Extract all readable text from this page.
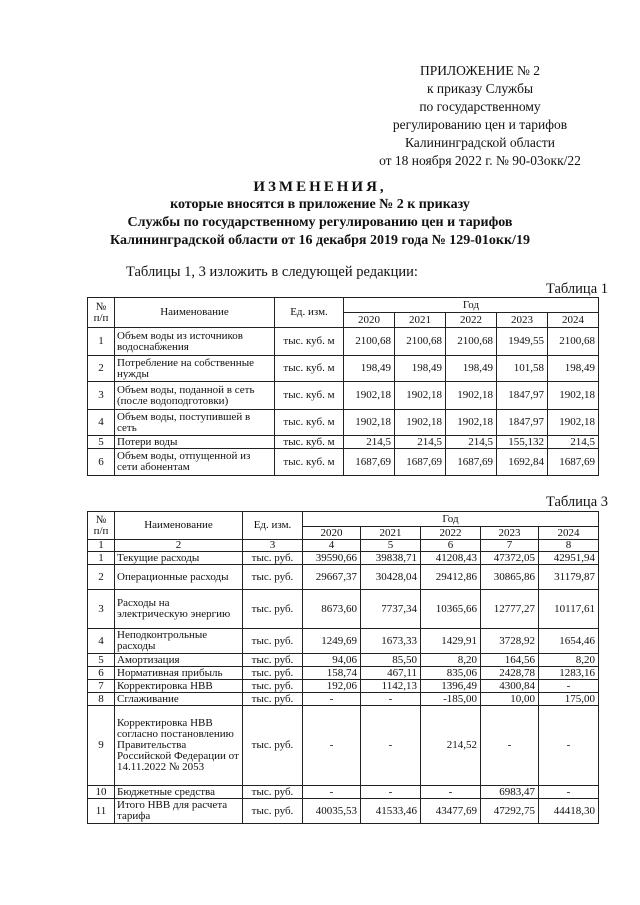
ПРИЛОЖЕНИЕ № 2
к приказу Службы
по государственному
регулированию цен и тарифов
Калининградской области
от 18 ноября 2022 г. № 90-03окк/22
ИЗМЕНЕНИЯ,
которые вносятся в приложение № 2 к приказу
Службы по государственному регулированию цен и тарифов
Калининградской области от 16 декабря 2019 года № 129-01окк/19
Таблицы 1, 3 изложить в следующей редакции:
Таблица 1
№ п/п	Наименование	Ед. изм.	Год				
			2020	2021	2022	2023	2024
1	Объем воды из источников водоснабжения	тыс. куб. м	2100,68	2100,68	2100,68	1949,55	2100,68
2	Потребление на собственные нужды	тыс. куб. м	198,49	198,49	198,49	101,58	198,49
3	Объем воды, поданной в сеть (после водоподготовки)	тыс. куб. м	1902,18	1902,18	1902,18	1847,97	1902,18
4	Объем воды, поступившей в сеть	тыс. куб. м	1902,18	1902,18	1902,18	1847,97	1902,18
5	Потери воды	тыс. куб. м	214,5	214,5	214,5	155,132	214,5
6	Объем воды, отпущенной из сети абонентам	тыс. куб. м	1687,69	1687,69	1687,69	1692,84	1687,69
Таблица 3
№ п/п	Наименование	Ед. изм.	Год				
			2020	2021	2022	2023	2024
1	2	3	4	5	6	7	8
1	Текущие расходы	тыс. руб.	39590,66	39838,71	41208,43	47372,05	42951,94
2	Операционные расходы	тыс. руб.	29667,37	30428,04	29412,86	30865,86	31179,87
3	Расходы на электрическую энергию	тыс. руб.	8673,60	7737,34	10365,66	12777,27	10117,61
4	Неподконтрольные расходы	тыс. руб.	1249,69	1673,33	1429,91	3728,92	1654,46
5	Амортизация	тыс. руб.	94,06	85,50	8,20	164,56	8,20
6	Нормативная прибыль	тыс. руб.	158,74	467,11	835,06	2428,78	1283,16
7	Корректировка НВВ	тыс. руб.	192,06	1142,13	1396,49	4300,84	-
8	Сглаживание	тыс. руб.	-	-	-185,00	10,00	175,00
9	Корректировка НВВ согласно постановлению Правительства Российской Федерации от 14.11.2022 № 2053	тыс. руб.	-	-	214,52	-	-
10	Бюджетные средства	тыс. руб.	-	-	-	6983,47	-
11	Итого НВВ для расчета тарифа	тыс. руб.	40035,53	41533,46	43477,69	47292,75	44418,30
